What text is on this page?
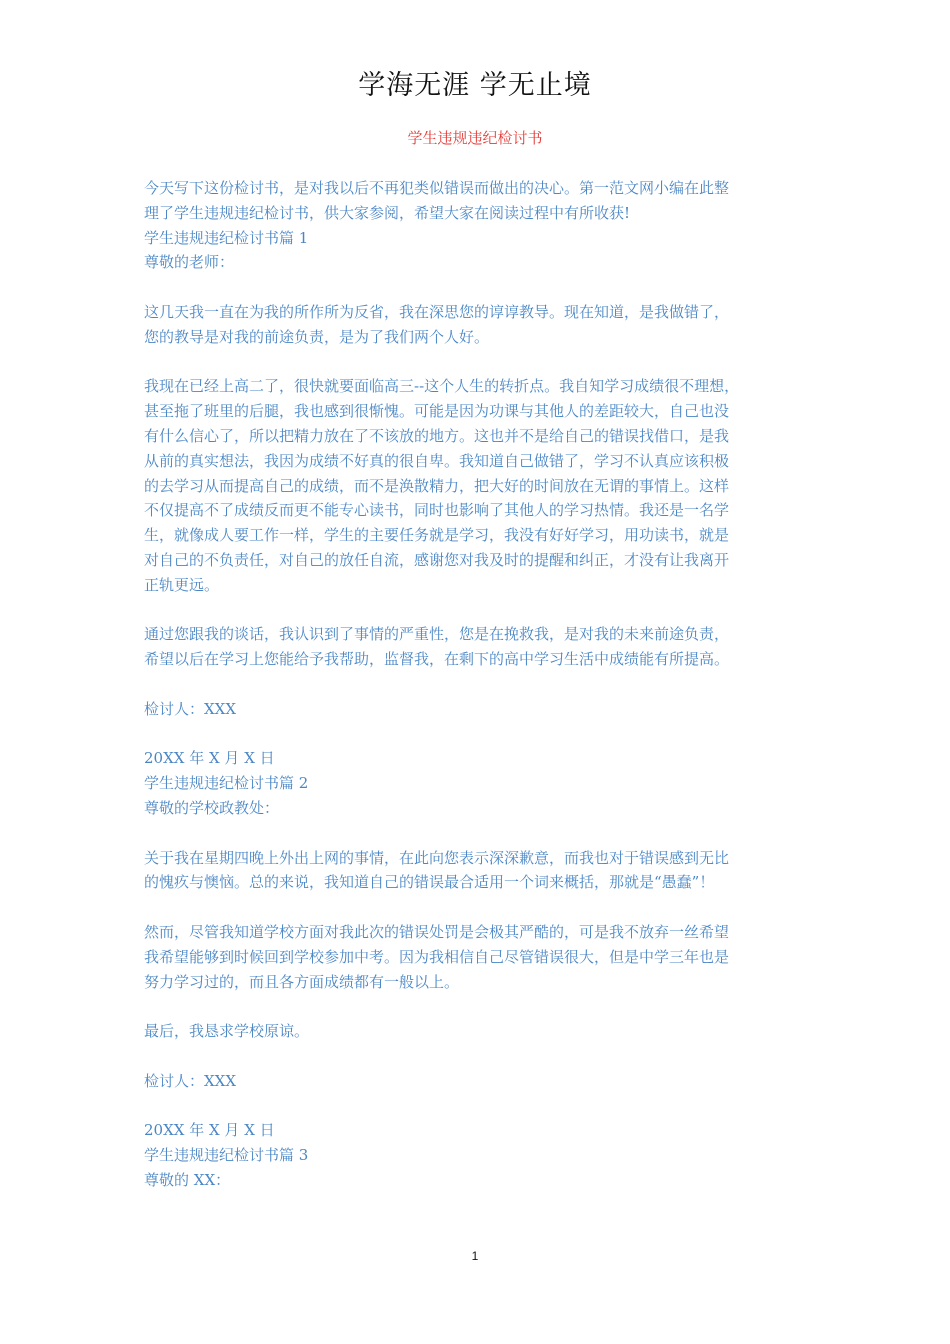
学海无涯 学无止境
学生违规违纪检讨书
今天写下这份检讨书，是对我以后不再犯类似错误而做出的决心。第一范文网小编在此整
理了学生违规违纪检讨书，供大家参阅，希望大家在阅读过程中有所收获!
学生违规违纪检讨书篇 1
尊敬的老师：
这几天我一直在为我的所作所为反省，我在深思您的谆谆教导。现在知道，是我做错了，
您的教导是对我的前途负责，是为了我们两个人好。
我现在已经上高二了，很快就要面临高三--这个人生的转折点。我自知学习成绩很不理想，
甚至拖了班里的后腿，我也感到很惭愧。可能是因为功课与其他人的差距较大，自己也没
有什么信心了，所以把精力放在了不该放的地方。这也并不是给自己的错误找借口，是我
从前的真实想法，我因为成绩不好真的很自卑。我知道自己做错了，学习不认真应该积极
的去学习从而提高自己的成绩，而不是涣散精力，把大好的时间放在无谓的事情上。这样
不仅提高不了成绩反而更不能专心读书，同时也影响了其他人的学习热情。我还是一名学
生，就像成人要工作一样，学生的主要任务就是学习，我没有好好学习，用功读书，就是
对自己的不负责任，对自己的放任自流，感谢您对我及时的提醒和纠正，才没有让我离开
正轨更远。
通过您跟我的谈话，我认识到了事情的严重性，您是在挽救我，是对我的未来前途负责，
希望以后在学习上您能给予我帮助，监督我，在剩下的高中学习生活中成绩能有所提高。
检讨人：XXX
20XX 年 X 月 X 日
学生违规违纪检讨书篇 2
尊敬的学校政教处：
关于我在星期四晚上外出上网的事情，在此向您表示深深歉意，而我也对于错误感到无比
的愧疚与懊恼。总的来说，我知道自己的错误最合适用一个词来概括，那就是“愚蠢”！
然而，尽管我知道学校方面对我此次的错误处罚是会极其严酷的，可是我不放弃一丝希望
我希望能够到时候回到学校参加中考。因为我相信自己尽管错误很大，但是中学三年也是
努力学习过的，而且各方面成绩都有一般以上。
最后，我恳求学校原谅。
检讨人：XXX
20XX 年 X 月 X 日
学生违规违纪检讨书篇 3
尊敬的 XX：
1
